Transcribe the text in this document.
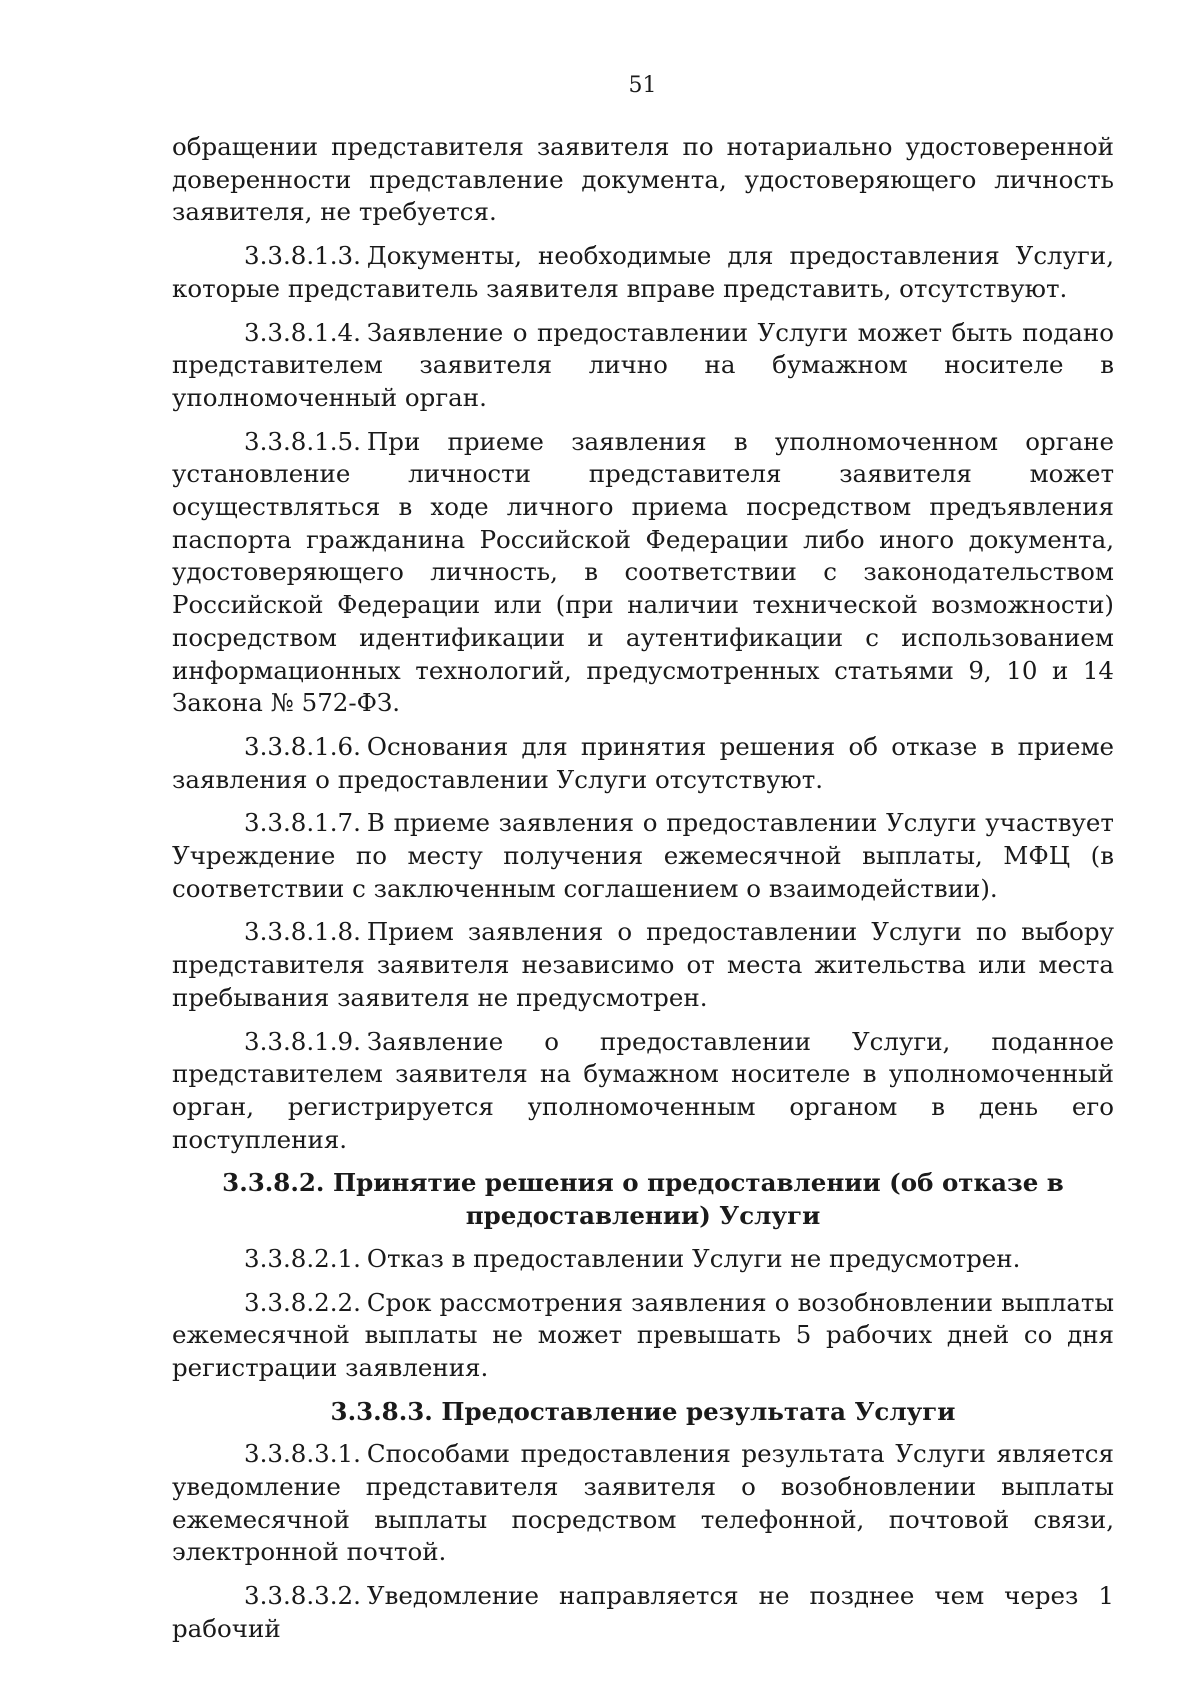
51

обращении представителя заявителя по нотариально удостоверенной доверенности представление документа, удостоверяющего личность заявителя, не требуется.

3.3.8.1.3. Документы, необходимые для предоставления Услуги, которые представитель заявителя вправе представить, отсутствуют.

3.3.8.1.4. Заявление о предоставлении Услуги может быть подано представителем заявителя лично на бумажном носителе в уполномоченный орган.

3.3.8.1.5. При приеме заявления в уполномоченном органе установление личности представителя заявителя может осуществляться в ходе личного приема посредством предъявления паспорта гражданина Российской Федерации либо иного документа, удостоверяющего личность, в соответствии с законодательством Российской Федерации или (при наличии технической возможности) посредством идентификации и аутентификации с использованием информационных технологий, предусмотренных статьями 9, 10 и 14 Закона № 572-ФЗ.

3.3.8.1.6. Основания для принятия решения об отказе в приеме заявления о предоставлении Услуги отсутствуют.

3.3.8.1.7. В приеме заявления о предоставлении Услуги участвует Учреждение по месту получения ежемесячной выплаты, МФЦ (в соответствии с заключенным соглашением о взаимодействии).

3.3.8.1.8. Прием заявления о предоставлении Услуги по выбору представителя заявителя независимо от места жительства или места пребывания заявителя не предусмотрен.

3.3.8.1.9. Заявление о предоставлении Услуги, поданное представителем заявителя на бумажном носителе в уполномоченный орган, регистрируется уполномоченным органом в день его поступления.

3.3.8.2. Принятие решения о предоставлении (об отказе в предоставлении) Услуги

3.3.8.2.1. Отказ в предоставлении Услуги не предусмотрен.

3.3.8.2.2. Срок рассмотрения заявления о возобновлении выплаты ежемесячной выплаты не может превышать 5 рабочих дней со дня регистрации заявления.

3.3.8.3. Предоставление результата Услуги

3.3.8.3.1. Способами предоставления результата Услуги является уведомление представителя заявителя о возобновлении выплаты ежемесячной выплаты посредством телефонной, почтовой связи, электронной почтой.

3.3.8.3.2. Уведомление направляется не позднее чем через 1 рабочий
